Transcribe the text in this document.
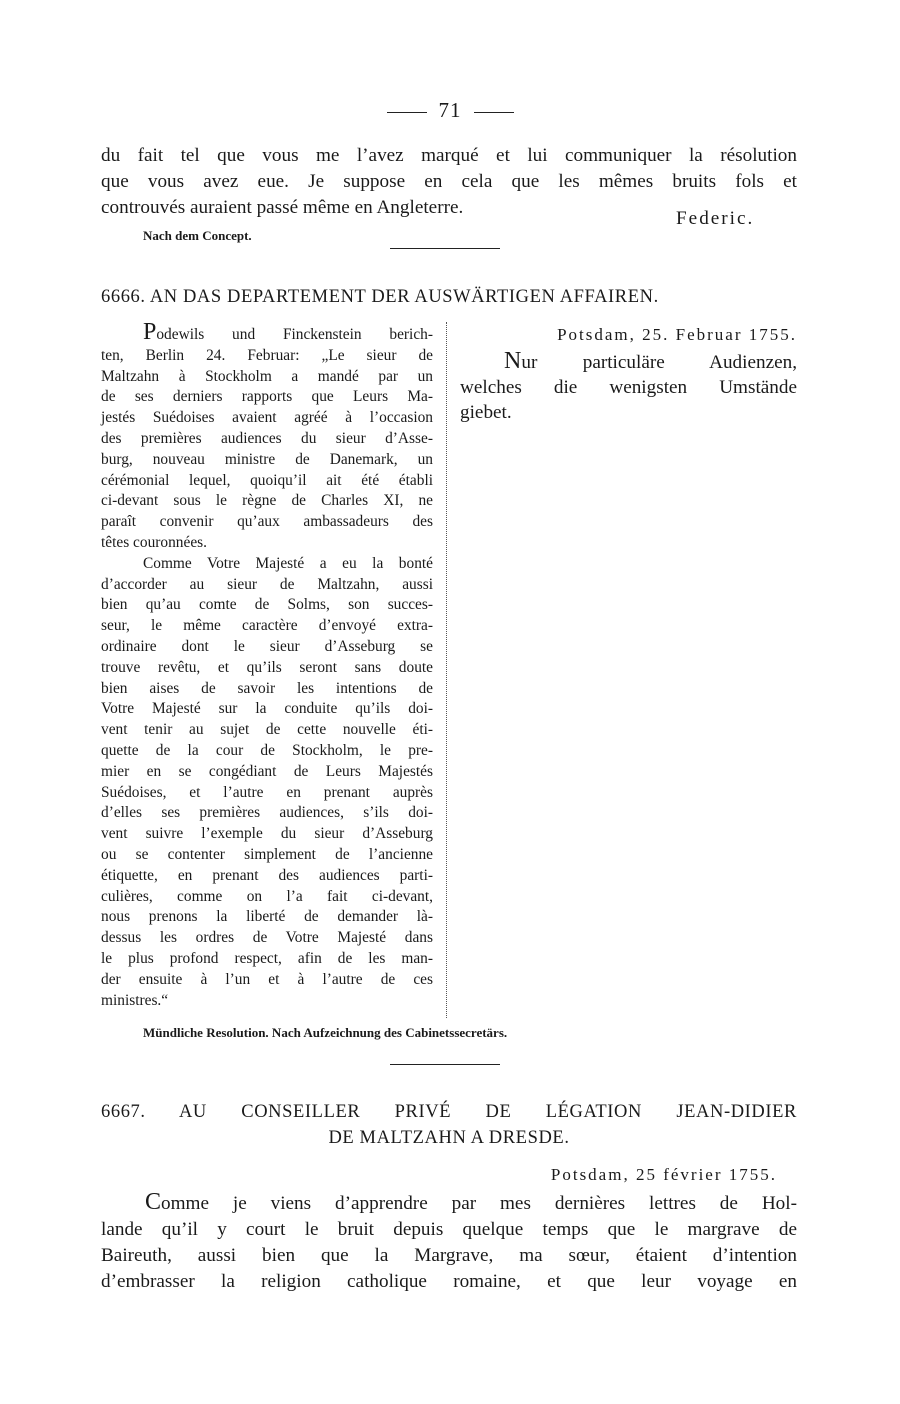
71
du fait tel que vous me l’avez marqué et lui communiquer la résolution
que vous avez eue. Je suppose en cela que les mêmes bruits fols et
controuvés auraient passé même en Angleterre.
Federic.
Nach dem Concept.
6666. AN DAS DEPARTEMENT DER AUSWÄRTIGEN AFFAIREN.
Podewils und Finckenstein berich-
ten, Berlin 24. Februar: „Le sieur de
Maltzahn à Stockholm a mandé par un
de ses derniers rapports que Leurs Ma-
jestés Suédoises avaient agréé à l’occasion
des premières audiences du sieur d’Asse-
burg, nouveau ministre de Danemark, un
cérémonial lequel, quoiqu’il ait été établi
ci-devant sous le règne de Charles XI, ne
paraît convenir qu’aux ambassadeurs des
têtes couronnées.
Comme Votre Majesté a eu la bonté
d’accorder au sieur de Maltzahn, aussi
bien qu’au comte de Solms, son succes-
seur, le même caractère d’envoyé extra-
ordinaire dont le sieur d’Asseburg se
trouve revêtu, et qu’ils seront sans doute
bien aises de savoir les intentions de
Votre Majesté sur la conduite qu’ils doi-
vent tenir au sujet de cette nouvelle éti-
quette de la cour de Stockholm, le pre-
mier en se congédiant de Leurs Majestés
Suédoises, et l’autre en prenant auprès
d’elles ses premières audiences, s’ils doi-
vent suivre l’exemple du sieur d’Asseburg
ou se contenter simplement de l’ancienne
étiquette, en prenant des audiences parti-
culières, comme on l’a fait ci-devant,
nous prenons la liberté de demander là-
dessus les ordres de Votre Majesté dans
le plus profond respect, afin de les man-
der ensuite à l’un et à l’autre de ces
ministres.“
Potsdam, 25. Februar 1755.
Nur particuläre Audienzen,
welches die wenigsten Umstände
giebet.
Mündliche Resolution. Nach Aufzeichnung des Cabinetssecretärs.
6667. AU CONSEILLER PRIVÉ DE LÉGATION JEAN-DIDIER
DE MALTZAHN A DRESDE.
Potsdam, 25 février 1755.
Comme je viens d’apprendre par mes dernières lettres de Hol-
lande qu’il y court le bruit depuis quelque temps que le margrave de
Baireuth, aussi bien que la Margrave, ma sœur, étaient d’intention
d’embrasser la religion catholique romaine, et que leur voyage en
